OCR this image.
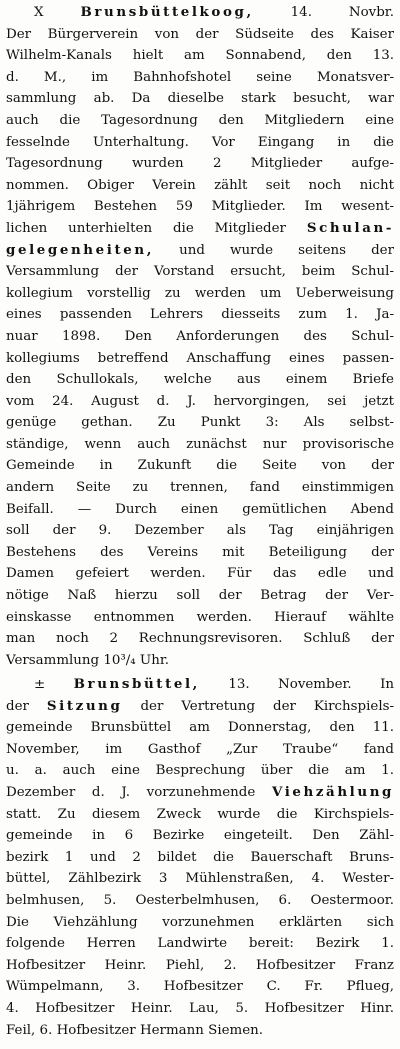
X Brunsbüttelkoog, 14. Novbr.
Der Bürgerverein von der Südseite des Kaiser
Wilhelm-Kanals hielt am Sonnabend, den 13.
d. M., im Bahnhofshotel seine Monatsver-
sammlung ab. Da dieselbe stark besucht, war
auch die Tagesordnung den Mitgliedern eine
fesselnde Unterhaltung. Vor Eingang in die
Tagesordnung wurden 2 Mitglieder aufge-
nommen. Obiger Verein zählt seit noch nicht
1jährigem Bestehen 59 Mitglieder. Im wesent-
lichen unterhielten die Mitglieder Schulan-
gelegenheiten, und wurde seitens der
Versammlung der Vorstand ersucht, beim Schul-
kollegium vorstellig zu werden um Ueberweisung
eines passenden Lehrers diesseits zum 1. Ja-
nuar 1898. Den Anforderungen des Schul-
kollegiums betreffend Anschaffung eines passen-
den Schullokals, welche aus einem Briefe
vom 24. August d. J. hervorgingen, sei jetzt
genüge gethan. Zu Punkt 3: Als selbst-
ständige, wenn auch zunächst nur provisorische
Gemeinde in Zukunft die Seite von der
andern Seite zu trennen, fand einstimmigen
Beifall. — Durch einen gemütlichen Abend
soll der 9. Dezember als Tag einjährigen
Bestehens des Vereins mit Beteiligung der
Damen gefeiert werden. Für das edle und
nötige Naß hierzu soll der Betrag der Ver-
einskasse entnommen werden. Hierauf wählte
man noch 2 Rechnungsrevisoren. Schluß der
Versammlung 10³/₄ Uhr.
± Brunsbüttel, 13. November. In
der Sitzung der Vertretung der Kirchspiels-
gemeinde Brunsbüttel am Donnerstag, den 11.
November, im Gasthof „Zur Traube“ fand
u. a. auch eine Besprechung über die am 1.
Dezember d. J. vorzunehmende Viehzählung
statt. Zu diesem Zweck wurde die Kirchspiels-
gemeinde in 6 Bezirke eingeteilt. Den Zähl-
bezirk 1 und 2 bildet die Bauerschaft Bruns-
büttel, Zählbezirk 3 Mühlenstraßen, 4. Wester-
belmhusen, 5. Oesterbelmhusen, 6. Oestermoor.
Die Viehzählung vorzunehmen erklärten sich
folgende Herren Landwirte bereit: Bezirk 1.
Hofbesitzer Heinr. Piehl, 2. Hofbesitzer Franz
Wümpelmann, 3. Hofbesitzer C. Fr. Pflueg,
4. Hofbesitzer Heinr. Lau, 5. Hofbesitzer Hinr.
Feil, 6. Hofbesitzer Hermann Siemen.
